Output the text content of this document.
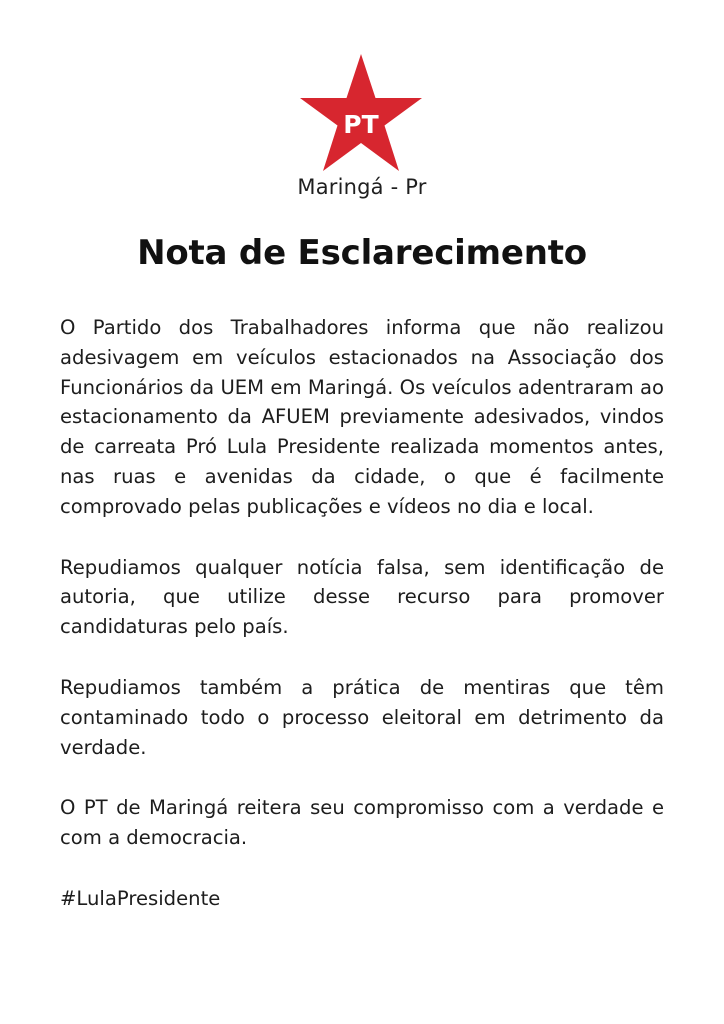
PT
Maringá - Pr
Nota de Esclarecimento

O Partido dos Trabalhadores informa que não realizou adesivagem em veículos estacionados na Associação dos Funcionários da UEM em Maringá. Os veículos adentraram ao estacionamento da AFUEM previamente adesivados, vindos de carreata Pró Lula Presidente realizada momentos antes, nas ruas e avenidas da cidade, o que é facilmente comprovado pelas publicações e vídeos no dia e local.

Repudiamos qualquer notícia falsa, sem identificação de autoria, que utilize desse recurso para promover candidaturas pelo país.

Repudiamos também a prática de mentiras que têm contaminado todo o processo eleitoral em detrimento da verdade.

O PT de Maringá reitera seu compromisso com a verdade e com a democracia.

#LulaPresidente
